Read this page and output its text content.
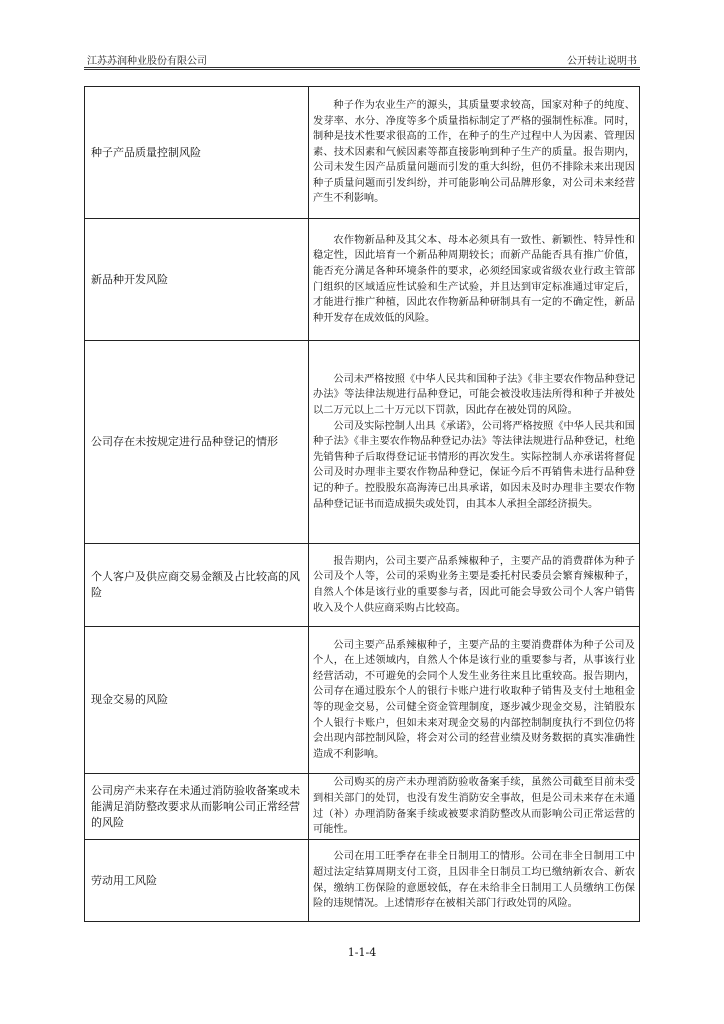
江苏苏润种业股份有限公司	公开转让说明书
种子产品质量控制风险	种子作为农业生产的源头，其质量要求较高，国家对种子的纯度、发芽率、水分、净度等多个质量指标制定了严格的强制性标准。同时，制种是技术性要求很高的工作，在种子的生产过程中人为因素、管理因素、技术因素和气候因素等都直接影响到种子生产的质量。报告期内，公司未发生因产品质量问题而引发的重大纠纷，但仍不排除未来出现因种子质量问题而引发纠纷，并可能影响公司品牌形象，对公司未来经营产生不利影响。

新品种开发风险	农作物新品种及其父本、母本必须具有一致性、新颖性、特异性和稳定性，因此培育一个新品种周期较长；而新产品能否具有推广价值，能否充分满足各种环境条件的要求，必须经国家或省级农业行政主管部门组织的区域适应性试验和生产试验，并且达到审定标准通过审定后，才能进行推广种植，因此农作物新品种研制具有一定的不确定性，新品种开发存在成效低的风险。

公司存在未按规定进行品种登记的情形	公司未严格按照《中华人民共和国种子法》《非主要农作物品种登记办法》等法律法规进行品种登记，可能会被没收违法所得和种子并被处以二万元以上二十万元以下罚款，因此存在被处罚的风险。

公司及实际控制人出具《承诺》，公司将严格按照《中华人民共和国种子法》《非主要农作物品种登记办法》等法律法规进行品种登记，杜绝先销售种子后取得登记证书情形的再次发生。实际控制人亦承诺将督促公司及时办理非主要农作物品种登记，保证今后不再销售未进行品种登记的种子。控股股东高海涛已出具承诺，如因未及时办理非主要农作物品种登记证书而造成损失或处罚，由其本人承担全部经济损失。

个人客户及供应商交易金额及占比较高的风险	报告期内，公司主要产品系辣椒种子，主要产品的消费群体为种子公司及个人等，公司的采购业务主要是委托村民委员会繁育辣椒种子，自然人个体是该行业的重要参与者，因此可能会导致公司个人客户销售收入及个人供应商采购占比较高。

现金交易的风险	公司主要产品系辣椒种子，主要产品的主要消费群体为种子公司及个人，在上述领域内，自然人个体是该行业的重要参与者，从事该行业经营活动，不可避免的会同个人发生业务往来且比重较高。报告期内，公司存在通过股东个人的银行卡账户进行收取种子销售及支付土地租金等的现金交易，公司健全资金管理制度，逐步减少现金交易，注销股东个人银行卡账户，但如未来对现金交易的内部控制制度执行不到位仍将会出现内部控制风险，将会对公司的经营业绩及财务数据的真实准确性造成不利影响。

公司房产未来存在未通过消防验收备案或未能满足消防整改要求从而影响公司正常经营的风险	公司购买的房产未办理消防验收备案手续，虽然公司截至目前未受到相关部门的处罚，也没有发生消防安全事故，但是公司未来存在未通过（补）办理消防备案手续或被要求消防整改从而影响公司正常运营的可能性。

劳动用工风险	公司在用工旺季存在非全日制用工的情形。公司在非全日制用工中超过法定结算周期支付工资，且因非全日制员工均已缴纳新农合、新农保，缴纳工伤保险的意愿较低，存在未给非全日制用工人员缴纳工伤保险的违规情况。上述情形存在被相关部门行政处罚的风险。

1-1-4
